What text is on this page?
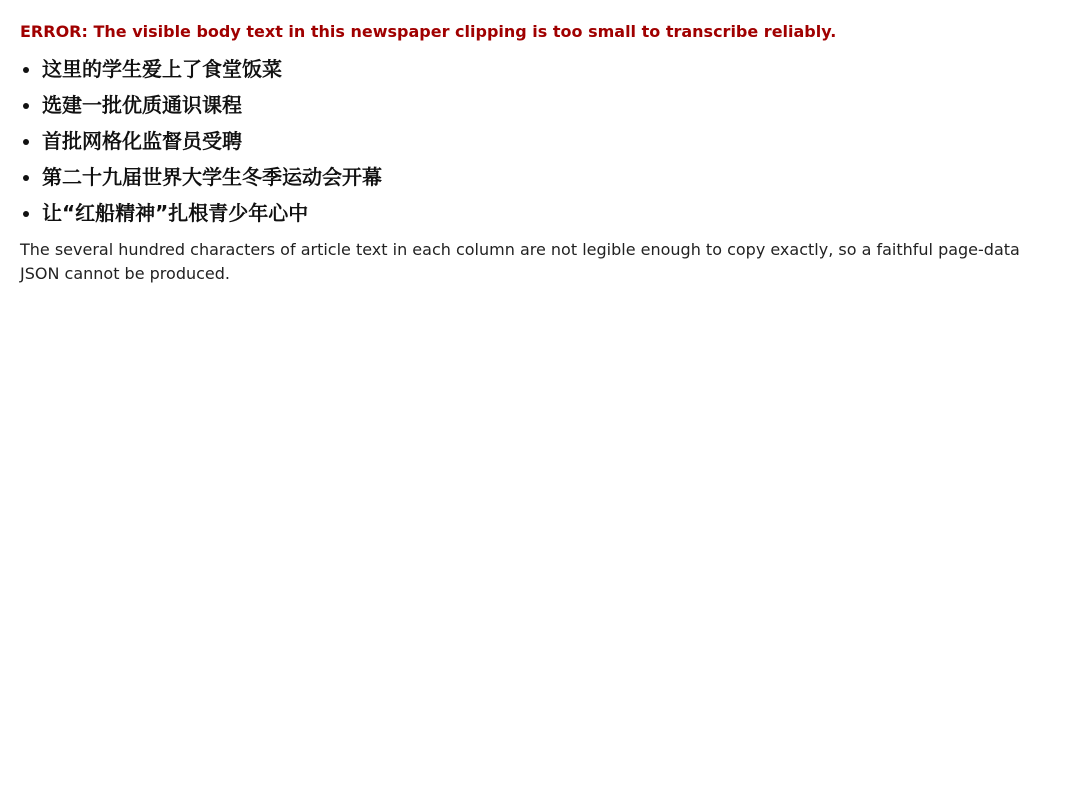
ERROR: The visible body text in this newspaper clipping is too small to transcribe reliably.
• 这里的学生爱上了食堂饭菜
• 选建一批优质通识课程
• 首批网格化监督员受聘
• 第二十九届世界大学生冬季运动会开幕
• 让“红船精神”扎根青少年心中
The several hundred characters of article text in each column are not legible enough to copy exactly, so a faithful page-data JSON cannot be produced.
